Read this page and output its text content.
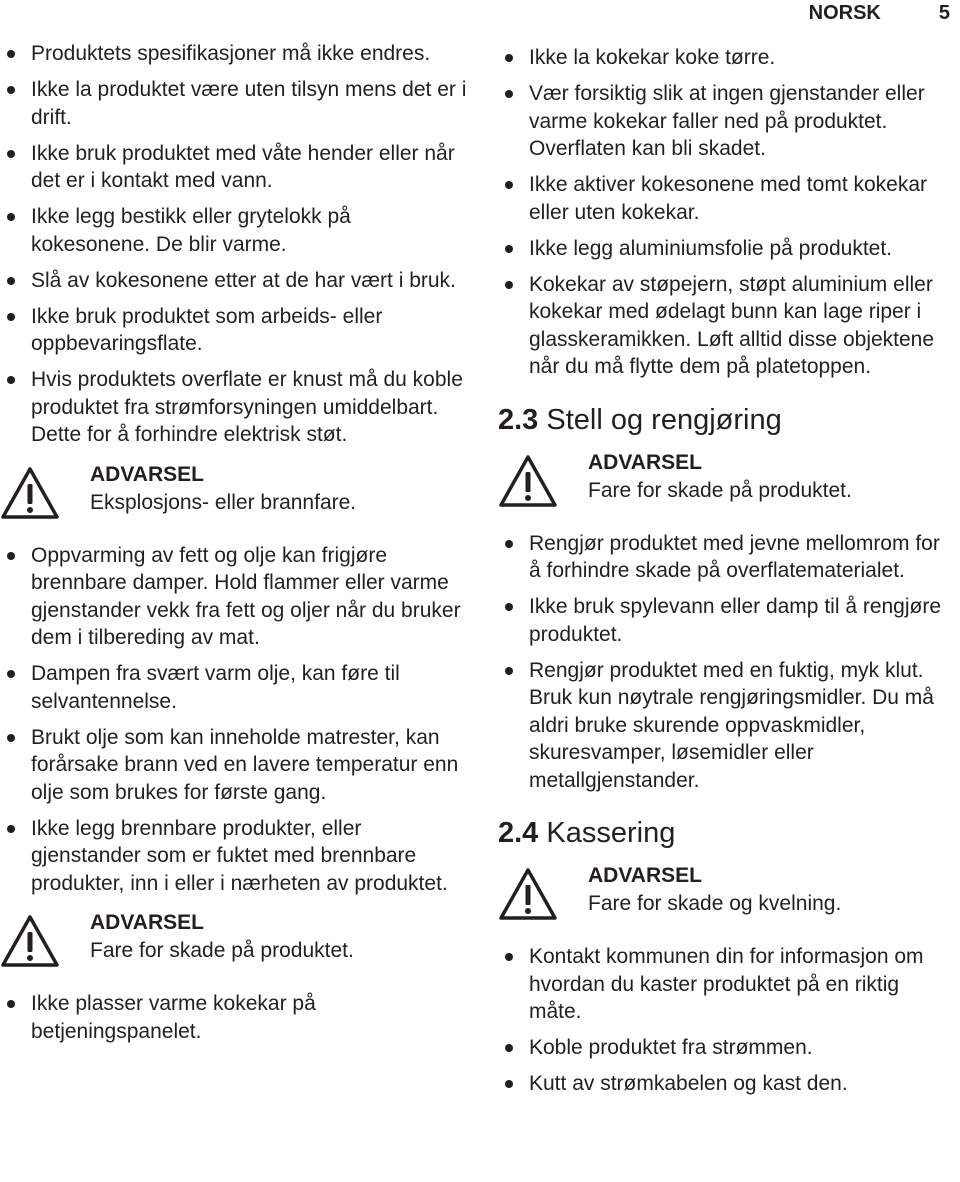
NORSK	5
Produktets spesifikasjoner må ikke endres.
Ikke la produktet være uten tilsyn mens det er i drift.
Ikke bruk produktet med våte hender eller når det er i kontakt med vann.
Ikke legg bestikk eller grytelokk på kokesonene. De blir varme.
Slå av kokesonene etter at de har vært i bruk.
Ikke bruk produktet som arbeids- eller oppbevaringsflate.
Hvis produktets overflate er knust må du koble produktet fra strømforsyningen umiddelbart. Dette for å forhindre elektrisk støt.
ADVARSEL
Eksplosjons- eller brannfare.
Oppvarming av fett og olje kan frigjøre brennbare damper. Hold flammer eller varme gjenstander vekk fra fett og oljer når du bruker dem i tilbereding av mat.
Dampen fra svært varm olje, kan føre til selvantennelse.
Brukt olje som kan inneholde matrester, kan forårsake brann ved en lavere temperatur enn olje som brukes for første gang.
Ikke legg brennbare produkter, eller gjenstander som er fuktet med brennbare produkter, inn i eller i nærheten av produktet.
ADVARSEL
Fare for skade på produktet.
Ikke plasser varme kokekar på betjeningspanelet.
Ikke la kokekar koke tørre.
Vær forsiktig slik at ingen gjenstander eller varme kokekar faller ned på produktet. Overflaten kan bli skadet.
Ikke aktiver kokesonene med tomt kokekar eller uten kokekar.
Ikke legg aluminiumsfolie på produktet.
Kokekar av støpejern, støpt aluminium eller kokekar med ødelagt bunn kan lage riper i glasskeramikken. Løft alltid disse objektene når du må flytte dem på platetoppen.
2.3 Stell og rengjøring
ADVARSEL
Fare for skade på produktet.
Rengjør produktet med jevne mellomrom for å forhindre skade på overflatematerialet.
Ikke bruk spylevann eller damp til å rengjøre produktet.
Rengjør produktet med en fuktig, myk klut. Bruk kun nøytrale rengjøringsmidler. Du må aldri bruke skurende oppvaskmidler, skuresvamper, løsemidler eller metallgjenstander.
2.4 Kassering
ADVARSEL
Fare for skade og kvelning.
Kontakt kommunen din for informasjon om hvordan du kaster produktet på en riktig måte.
Koble produktet fra strømmen.
Kutt av strømkabelen og kast den.
